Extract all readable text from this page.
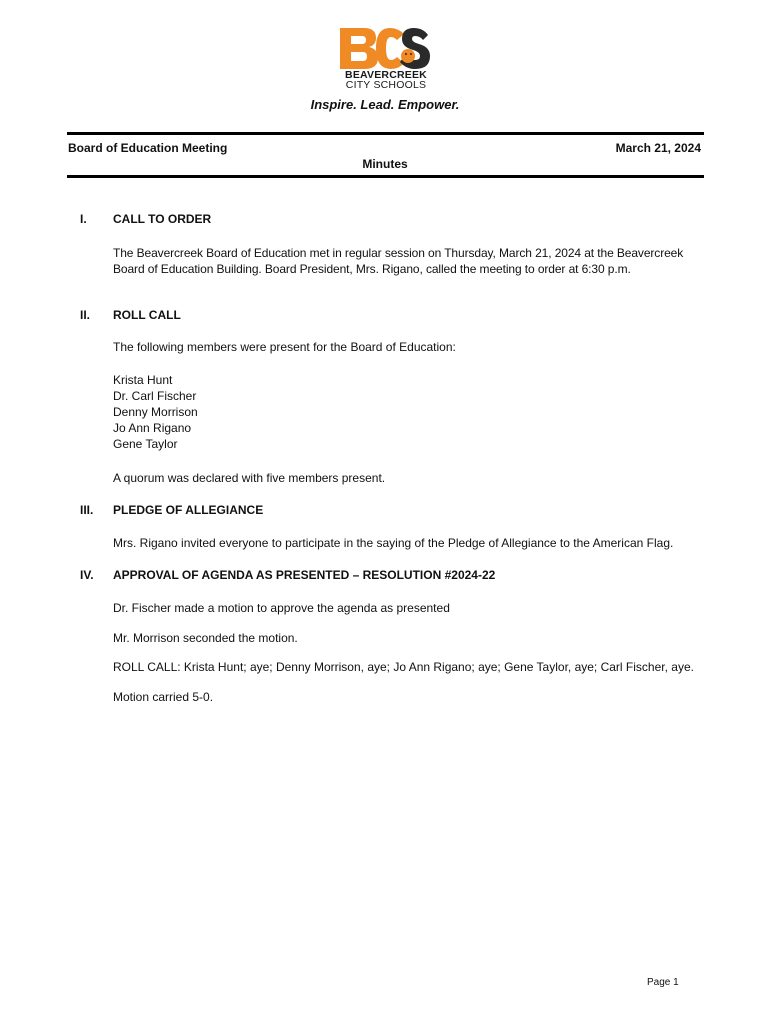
BEAVERCREEK
CITY SCHOOLS
Inspire. Lead. Empower.
Board of Education Meeting	March 21, 2024
Minutes
I. CALL TO ORDER
The Beavercreek Board of Education met in regular session on Thursday, March 21, 2024 at the Beavercreek Board of Education Building. Board President, Mrs. Rigano, called the meeting to order at 6:30 p.m.
II. ROLL CALL
The following members were present for the Board of Education:
Krista Hunt
Dr. Carl Fischer
Denny Morrison
Jo Ann Rigano
Gene Taylor
A quorum was declared with five members present.
III. PLEDGE OF ALLEGIANCE
Mrs. Rigano invited everyone to participate in the saying of the Pledge of Allegiance to the American Flag.
IV. APPROVAL OF AGENDA AS PRESENTED – RESOLUTION #2024-22
Dr. Fischer made a motion to approve the agenda as presented
Mr. Morrison seconded the motion.
ROLL CALL: Krista Hunt; aye; Denny Morrison, aye; Jo Ann Rigano; aye; Gene Taylor, aye; Carl Fischer, aye.
Motion carried 5-0.
Page 1
